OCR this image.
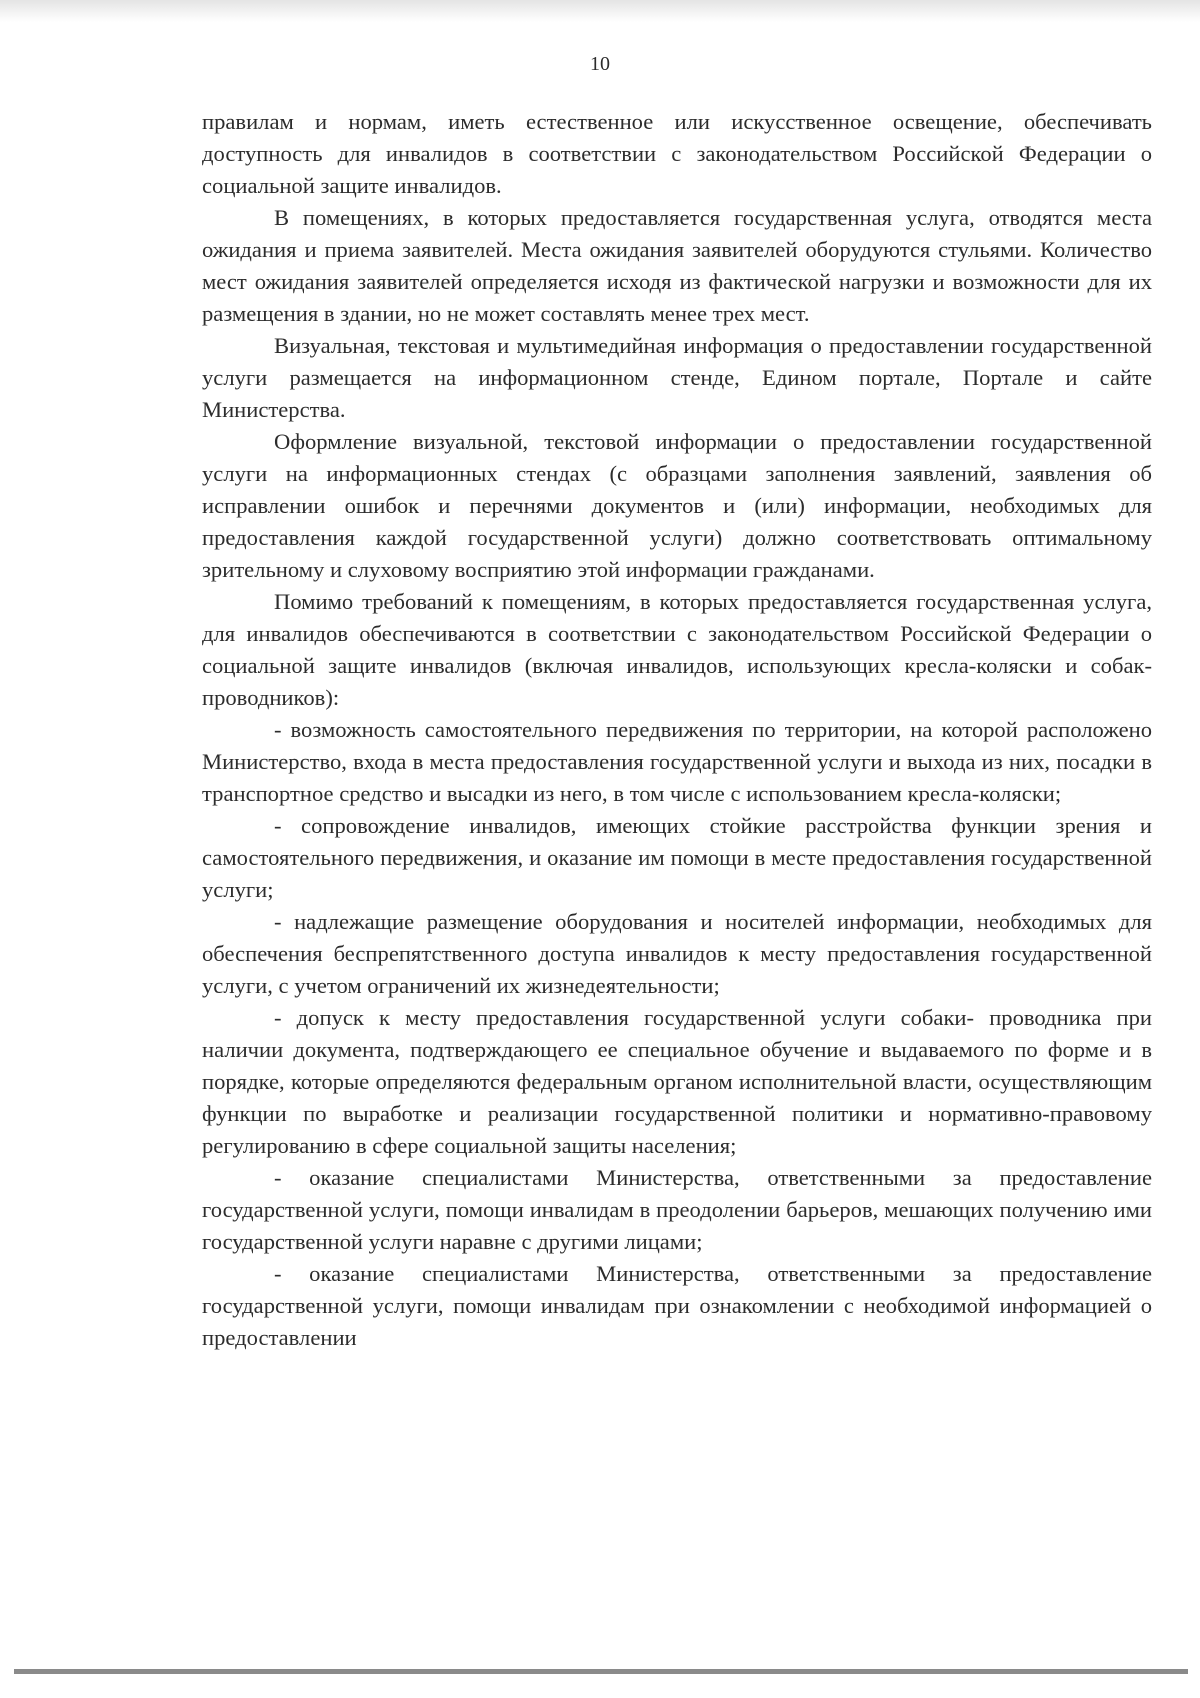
10

правилам и нормам, иметь естественное или искусственное освещение, обеспечивать доступность для инвалидов в соответствии с законодательством Российской Федерации о социальной защите инвалидов.

В помещениях, в которых предоставляется государственная услуга, отводятся места ожидания и приема заявителей. Места ожидания заявителей оборудуются стульями. Количество мест ожидания заявителей определяется исходя из фактической нагрузки и возможности для их размещения в здании, но не может составлять менее трех мест.

Визуальная, текстовая и мультимедийная информация о предоставлении государственной услуги размещается на информационном стенде, Едином портале, Портале и сайте Министерства.

Оформление визуальной, текстовой информации о предоставлении государственной услуги на информационных стендах (с образцами заполнения заявлений, заявления об исправлении ошибок и перечнями документов и (или) информации, необходимых для предоставления каждой государственной услуги) должно соответствовать оптимальному зрительному и слуховому восприятию этой информации гражданами.

Помимо требований к помещениям, в которых предоставляется государственная услуга, для инвалидов обеспечиваются в соответствии с законодательством Российской Федерации о социальной защите инвалидов (включая инвалидов, использующих кресла-коляски и собак-проводников):

- возможность самостоятельного передвижения по территории, на которой расположено Министерство, входа в места предоставления государственной услуги и выхода из них, посадки в транспортное средство и высадки из него, в том числе с использованием кресла-коляски;

- сопровождение инвалидов, имеющих стойкие расстройства функции зрения и самостоятельного передвижения, и оказание им помощи в месте предоставления государственной услуги;

- надлежащие размещение оборудования и носителей информации, необходимых для обеспечения беспрепятственного доступа инвалидов к месту предоставления государственной услуги, с учетом ограничений их жизнедеятельности;

- допуск к месту предоставления государственной услуги собаки- проводника при наличии документа, подтверждающего ее специальное обучение и выдаваемого по форме и в порядке, которые определяются федеральным органом исполнительной власти, осуществляющим функции по выработке и реализации государственной политики и нормативно-правовому регулированию в сфере социальной защиты населения;

- оказание специалистами Министерства, ответственными за предоставление государственной услуги, помощи инвалидам в преодолении барьеров, мешающих получению ими государственной услуги наравне с другими лицами;

- оказание специалистами Министерства, ответственными за предоставление государственной услуги, помощи инвалидам при ознакомлении с необходимой информацией о предоставлении
